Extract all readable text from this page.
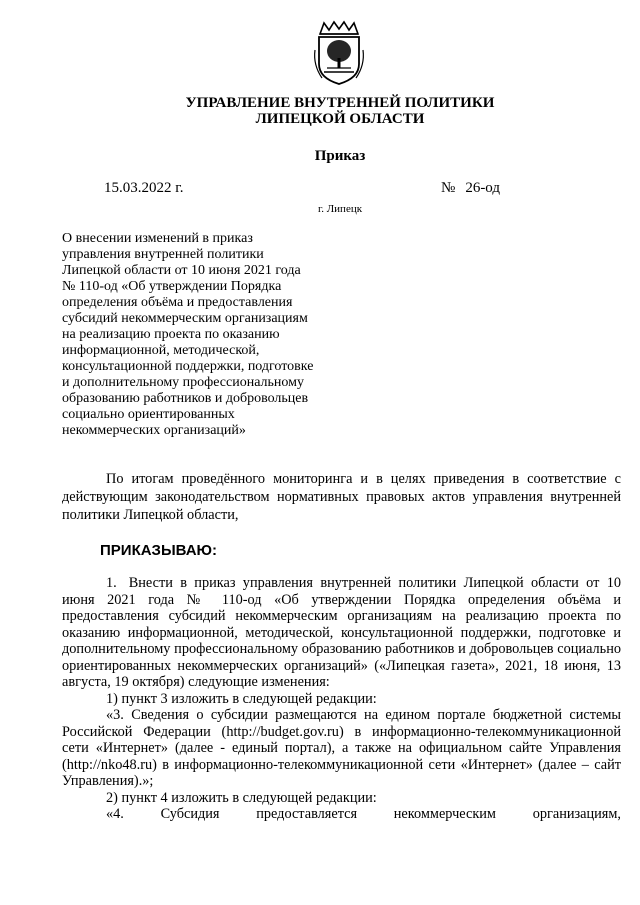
УПРАВЛЕНИЕ ВНУТРЕННЕЙ ПОЛИТИКИ
ЛИПЕЦКОЙ ОБЛАСТИ
Приказ
15.03.2022 г.	№ 26-од
г. Липецк
О внесении изменений в приказ
управления внутренней политики
Липецкой области от 10 июня 2021 года
№ 110-од «Об утверждении Порядка
определения объёма и предоставления
субсидий некоммерческим организациям
на реализацию проекта по оказанию
информационной, методической,
консультационной поддержки, подготовке
и дополнительному профессиональному
образованию работников и добровольцев
социально ориентированных
некоммерческих организаций»
По итогам проведённого мониторинга и в целях приведения в соответствие с действующим законодательством нормативных правовых актов управления внутренней политики Липецкой области,
ПРИКАЗЫВАЮ:

1. Внести в приказ управления внутренней политики Липецкой области от 10 июня 2021 года № 110-од «Об утверждении Порядка определения объёма и предоставления субсидий некоммерческим организациям на реализацию проекта по оказанию информационной, методической, консультационной поддержки, подготовке и дополнительному профессиональному образованию работников и добровольцев социально ориентированных некоммерческих организаций» («Липецкая газета», 2021, 18 июня, 13 августа, 19 октября) следующие изменения:

1) пункт 3 изложить в следующей редакции:

«3. Сведения о субсидии размещаются на едином портале бюджетной системы Российской Федерации (http://budget.gov.ru) в информационно-телекоммуникационной сети «Интернет» (далее - единый портал), а также на официальном сайте Управления (http://nko48.ru) в информационно-телекоммуникационной сети «Интернет» (далее – сайт Управления).»;

2) пункт 4 изложить в следующей редакции:

«4. Субсидия предоставляется некоммерческим организациям,
